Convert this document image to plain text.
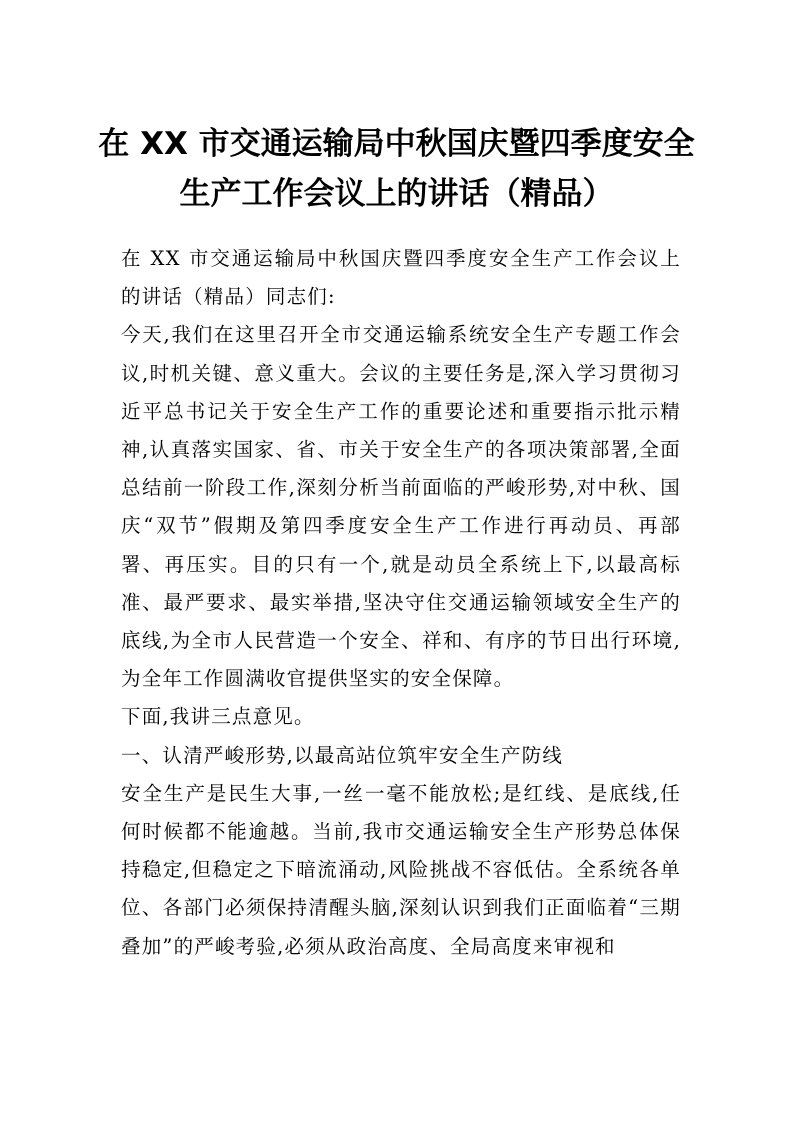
在 XX 市交通运输局中秋国庆暨四季度安全
生产工作会议上的讲话（精品）

在 XX 市交通运输局中秋国庆暨四季度安全生产工作会议上的讲话（精品）同志们:

今天,我们在这里召开全市交通运输系统安全生产专题工作会议,时机关键、意义重大。会议的主要任务是,深入学习贯彻习近平总书记关于安全生产工作的重要论述和重要指示批示精神,认真落实国家、省、市关于安全生产的各项决策部署,全面总结前一阶段工作,深刻分析当前面临的严峻形势,对中秋、国庆“双节”假期及第四季度安全生产工作进行再动员、再部署、再压实。目的只有一个,就是动员全系统上下,以最高标准、最严要求、最实举措,坚决守住交通运输领域安全生产的底线,为全市人民营造一个安全、祥和、有序的节日出行环境,为全年工作圆满收官提供坚实的安全保障。

下面,我讲三点意见。

一、认清严峻形势,以最高站位筑牢安全生产防线

安全生产是民生大事,一丝一毫不能放松;是红线、是底线,任何时候都不能逾越。当前,我市交通运输安全生产形势总体保持稳定,但稳定之下暗流涌动,风险挑战不容低估。全系统各单位、各部门必须保持清醒头脑,深刻认识到我们正面临着“三期叠加”的严峻考验,必须从政治高度、全局高度来审视和
